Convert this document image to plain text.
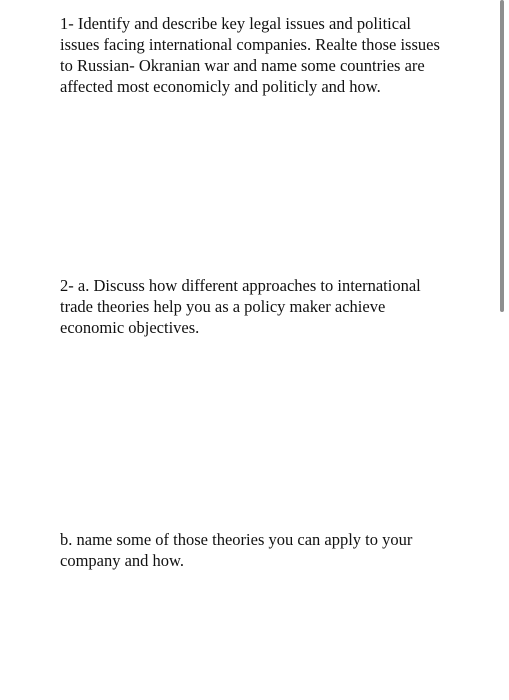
1- Identify and describe key legal issues and political issues facing international companies. Realte those issues to Russian- Okranian war and name some countries are affected most economicly and politicly and how.

2- a. Discuss how different approaches to international trade theories help you as a policy maker achieve economic objectives.

b. name some of those theories you can apply to your company and how.
